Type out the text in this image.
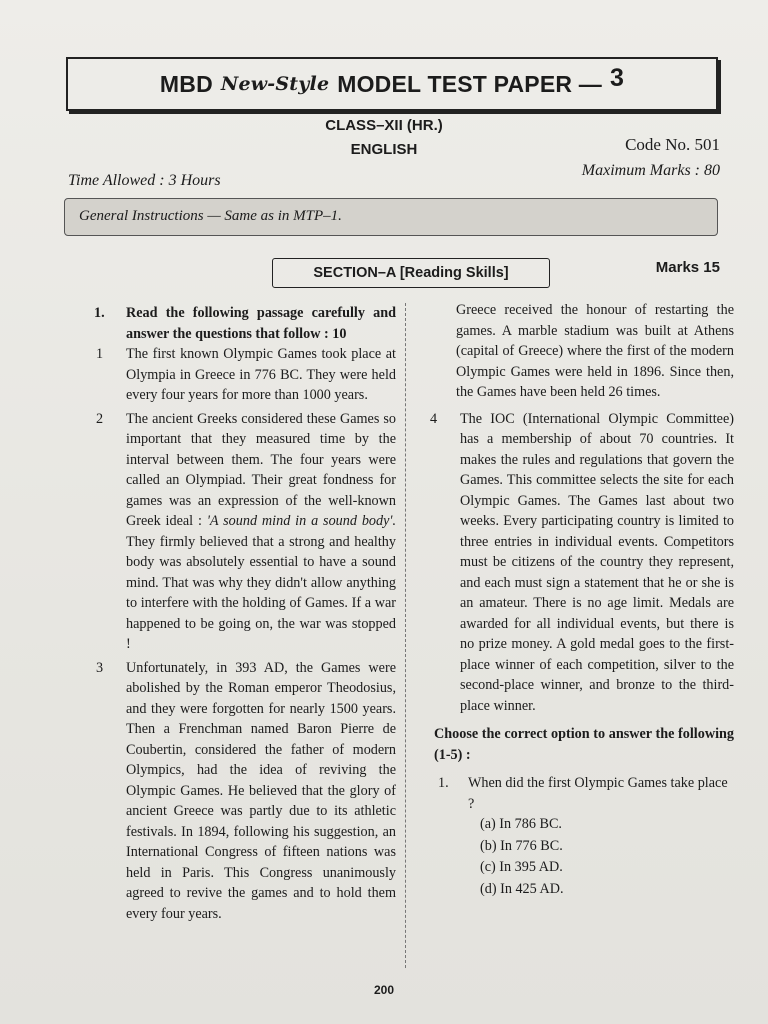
MBD New-Style MODEL TEST PAPER — 3
CLASS–XII (HR.)
ENGLISH	Code No. 501
Maximum Marks : 80
Time Allowed : 3 Hours
General Instructions — Same as in MTP–1.
SECTION–A [Reading Skills]	Marks 15
1. Read the following passage carefully and answer the questions that follow : 10
1 The first known Olympic Games took place at Olympia in Greece in 776 BC. They were held every four years for more than 1000 years.
2 The ancient Greeks considered these Games so important that they measured time by the interval between them. The four years were called an Olympiad. Their great fondness for games was an expression of the well-known Greek ideal : 'A sound mind in a sound body'. They firmly believed that a strong and healthy body was absolutely essential to have a sound mind. That was why they didn't allow anything to interfere with the holding of Games. If a war happened to be going on, the war was stopped !
3 Unfortunately, in 393 AD, the Games were abolished by the Roman emperor Theodosius, and they were forgotten for nearly 1500 years. Then a Frenchman named Baron Pierre de Coubertin, considered the father of modern Olympics, had the idea of reviving the Olympic Games. He believed that the glory of ancient Greece was partly due to its athletic festivals. In 1894, following his suggestion, an International Congress of fifteen nations was held in Paris. This Congress unanimously agreed to revive the games and to hold them every four years.
Greece received the honour of restarting the games. A marble stadium was built at Athens (capital of Greece) where the first of the modern Olympic Games were held in 1896. Since then, the Games have been held 26 times.
4 The IOC (International Olympic Committee) has a membership of about 70 countries. It makes the rules and regulations that govern the Games. This committee selects the site for each Olympic Games. The Games last about two weeks. Every participating country is limited to three entries in individual events. Competitors must be citizens of the country they represent, and each must sign a statement that he or she is an amateur. There is no age limit. Medals are awarded for all individual events, but there is no prize money. A gold medal goes to the first-place winner of each competition, silver to the second-place winner, and bronze to the third-place winner.
Choose the correct option to answer the following (1-5) :
1. When did the first Olympic Games take place ?
(a) In 786 BC.
(b) In 776 BC.
(c) In 395 AD.
(d) In 425 AD.
200
